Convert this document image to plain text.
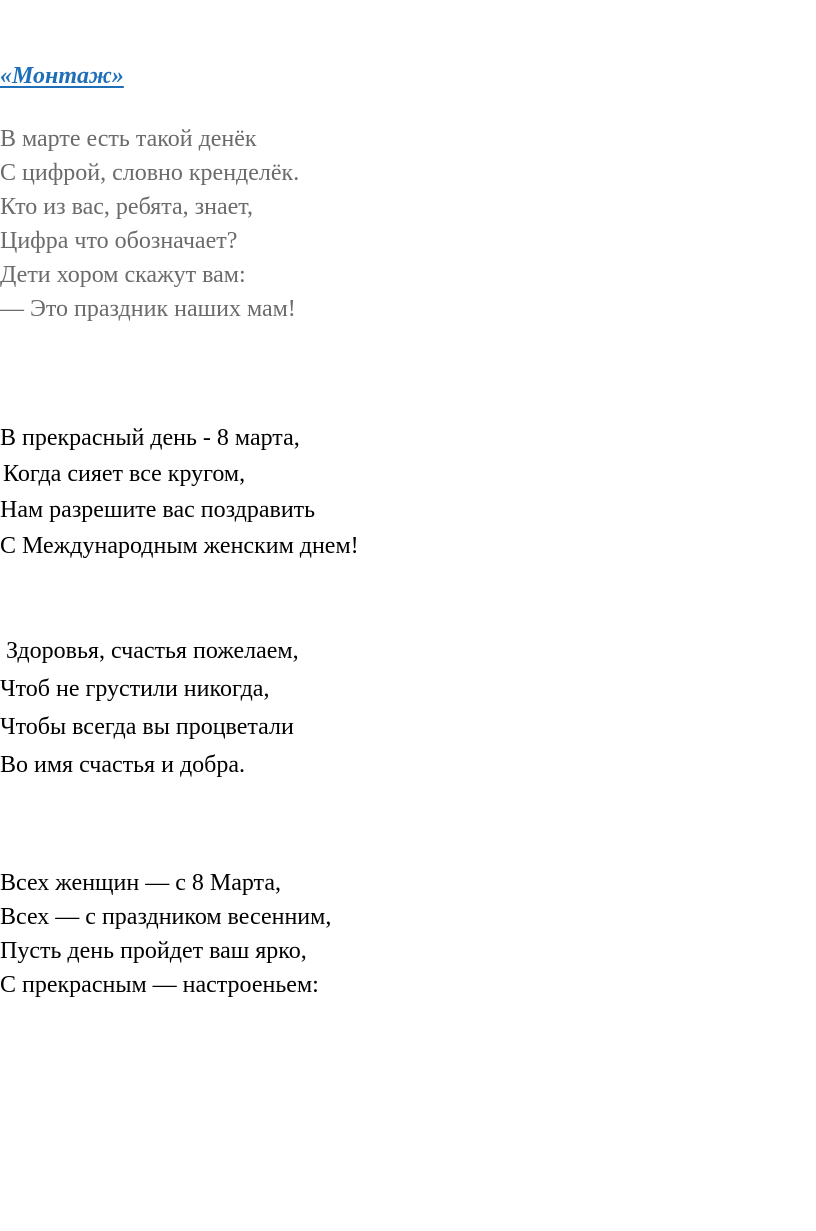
«Монтаж»
В марте есть такой денёк
С цифрой, словно кренделёк.
Кто из вас, ребята, знает,
Цифра что обозначает?
Дети хором скажут вам:
— Это праздник наших мам!
В прекрасный день - 8 марта,
Когда сияет все кругом,
Нам разрешите вас поздравить
С Международным женским днем!
Здоровья, счастья пожелаем,
Чтоб не грустили никогда,
Чтобы всегда вы процветали
Во имя счастья и добра.
Всех женщин — с 8 Марта,
Всех — с праздником весенним,
Пусть день пройдет ваш ярко,
С прекрасным — настроеньем:
